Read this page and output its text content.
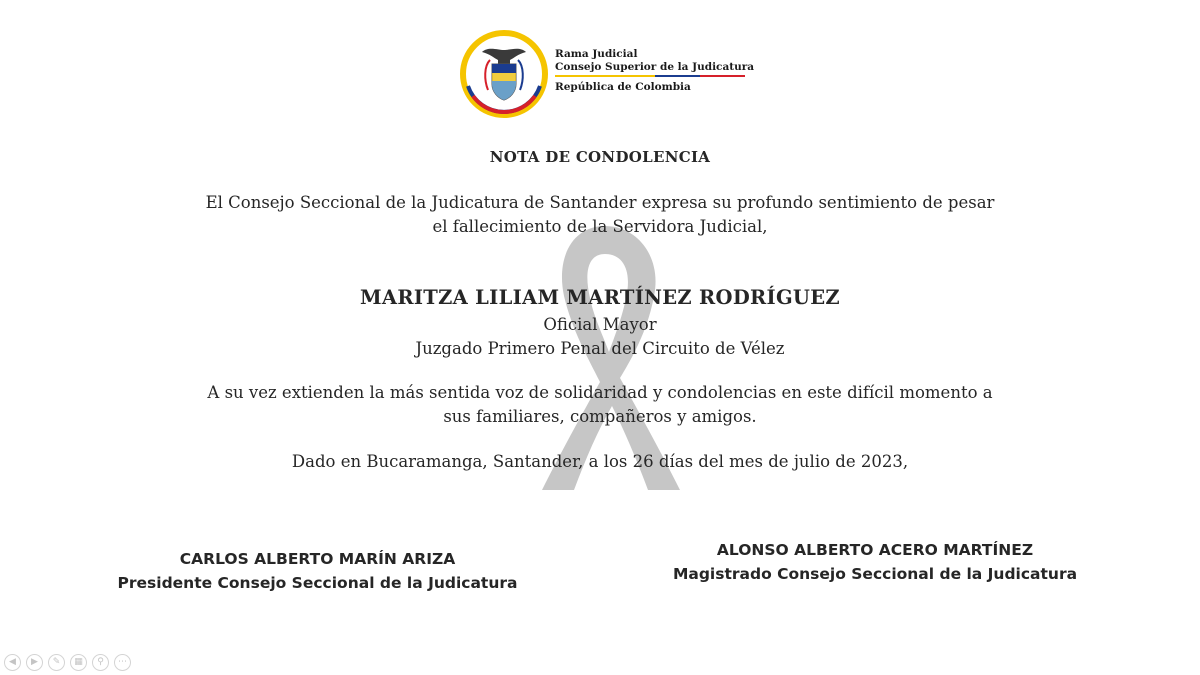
Rama Judicial
Consejo Superior de la Judicatura
República de Colombia
NOTA DE CONDOLENCIA
El Consejo Seccional de la Judicatura de Santander expresa su profundo sentimiento de pesar
el fallecimiento de la Servidora Judicial,
MARITZA LILIAM MARTÍNEZ RODRÍGUEZ
Oficial Mayor
Juzgado Primero Penal del Circuito de Vélez
A su vez extienden la más sentida voz de solidaridad y condolencias en este difícil momento a
sus familiares, compañeros y amigos.
Dado en Bucaramanga, Santander, a los 26 días del mes de julio de 2023,
CARLOS ALBERTO MARÍN ARIZA
Presidente Consejo Seccional de la Judicatura
ALONSO ALBERTO ACERO MARTÍNEZ
Magistrado Consejo Seccional de la Judicatura
◀	▶	✎	▦	⚲	⋯
